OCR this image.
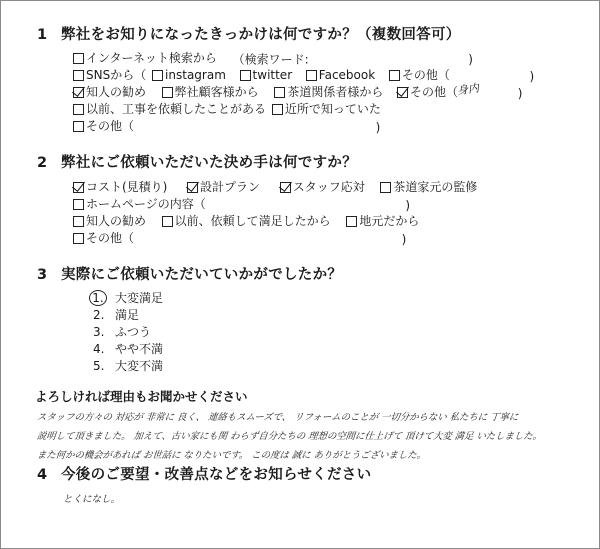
1 弊社をお知りになったきっかけは何ですか？（複数回答可）
インターネット検索から （検索ワード:	)
SNSから（
instagram
twitter
Facebook
その他（	)
知人の勧め
弊社顧客様から
茶道関係者様から
その他（	)
身内
以前、工事を依頼したことがある
近所で知っていた
その他（	)
2 弊社にご依頼いただいた決め手は何ですか？
コスト(見積り)
	設計プラン
	スタッフ応対
茶道家元の監修
ホームページの内容（	)
知人の勧め
以前、依頼して満足したから
地元だから
その他（	)
3 実際にご依頼いただいていかがでしたか？
1. 大変満足
2. 満足
3. ふつう
4. やや不満
5. 大変不満
よろしければ理由もお聞かせください
スタッフの方々の 対応が 非常に 良く、 連絡もスムーズで、 リフォームのことが 一切分からない 私たちに 丁寧に
説明して頂きました。 加えて、古い家にも関 わらず自分たちの 理想の空間に仕上げて 頂けて大変 満足 いたしました。
また何かの機会があれば お世話に なりたいです。 この度は 誠に ありがとうございました。
4 今後のご要望・改善点などをお知らせください
とくになし。
